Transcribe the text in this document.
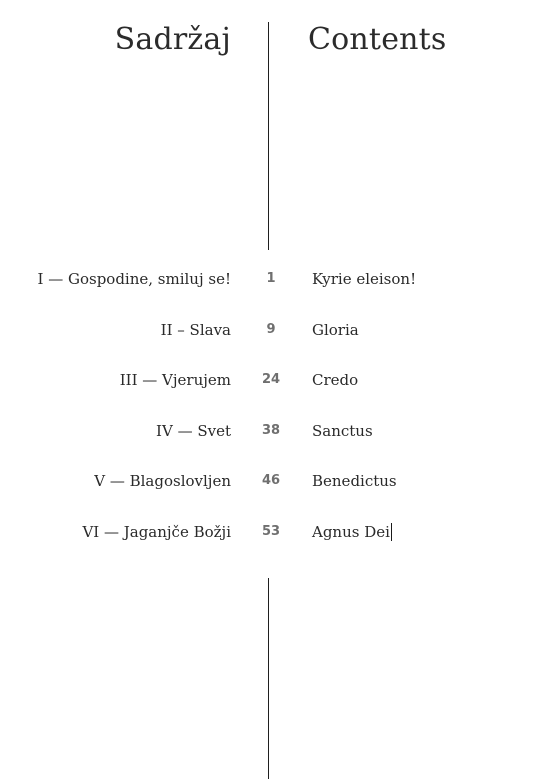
Sadržaj	Contents
I — Gospodine, smiluj se!	1	Kyrie eleison!
II – Slava	9	Gloria
III — Vjerujem	24	Credo
IV — Svet	38	Sanctus
V — Blagoslovljen	46	Benedictus
VI — Jaganjče Božji	53	Agnus Dei
